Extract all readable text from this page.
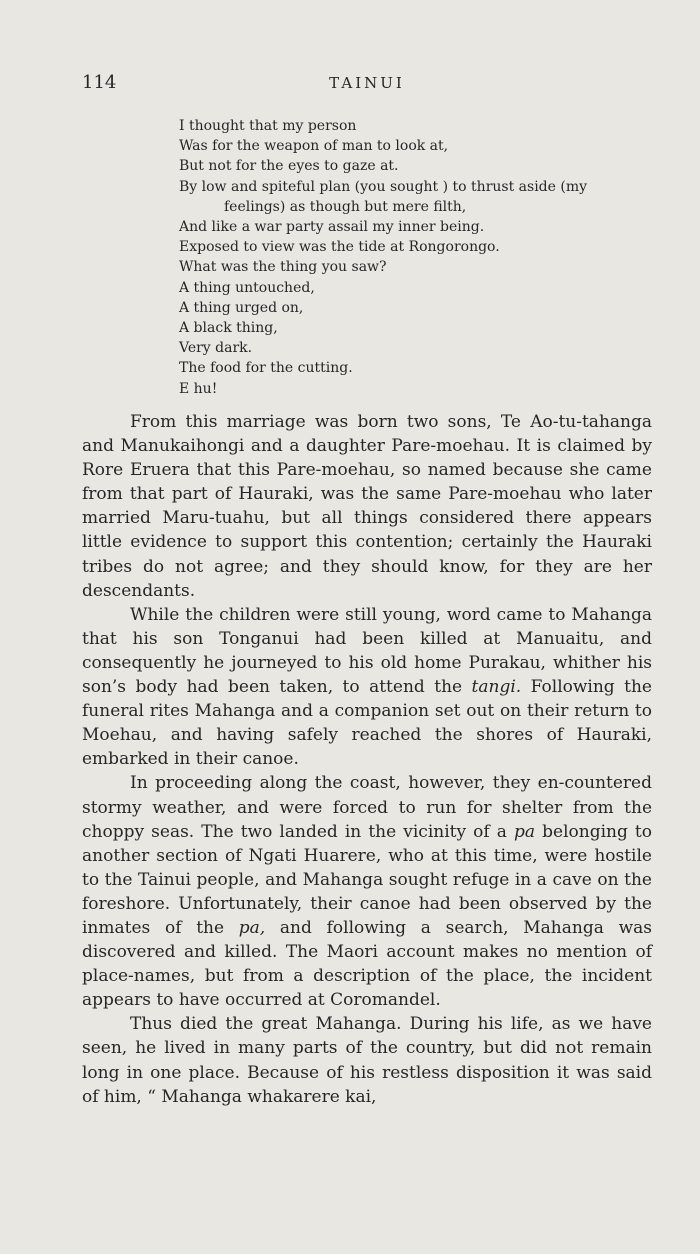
114	TAINUI
I thought that my person
Was for the weapon of man to look at,
But not for the eyes to gaze at.
By low and spiteful plan (you sought ) to thrust aside (my
feelings) as though but mere filth,
And like a war party assail my inner being.
Exposed to view was the tide at Rongorongo.
What was the thing you saw?
A thing untouched,
A thing urged on,
A black thing,
Very dark.
The food for the cutting.
E hu!

From this marriage was born two sons, Te Ao-tu-tahanga and Manukaihongi and a daughter Pare-moehau. It is claimed by Rore Eruera that this Pare-moehau, so named because she came from that part of Hauraki, was the same Pare-moehau who later married Maru-tuahu, but all things considered there appears little evidence to support this contention; certainly the Hauraki tribes do not agree; and they should know, for they are her descendants.

While the children were still young, word came to Mahanga that his son Tonganui had been killed at Manuaitu, and consequently he journeyed to his old home Purakau, whither his son’s body had been taken, to attend the tangi. Following the funeral rites Mahanga and a companion set out on their return to Moehau, and having safely reached the shores of Hauraki, embarked in their canoe.

In proceeding along the coast, however, they en-countered stormy weather, and were forced to run for shelter from the choppy seas. The two landed in the vicinity of a pa belonging to another section of Ngati Huarere, who at this time, were hostile to the Tainui people, and Mahanga sought refuge in a cave on the foreshore. Unfortunately, their canoe had been observed by the inmates of the pa, and following a search, Mahanga was discovered and killed. The Maori account makes no mention of place-names, but from a description of the place, the incident appears to have occurred at Coromandel.

Thus died the great Mahanga. During his life, as we have seen, he lived in many parts of the country, but did not remain long in one place. Because of his restless disposition it was said of him, “ Mahanga whakarere kai,
